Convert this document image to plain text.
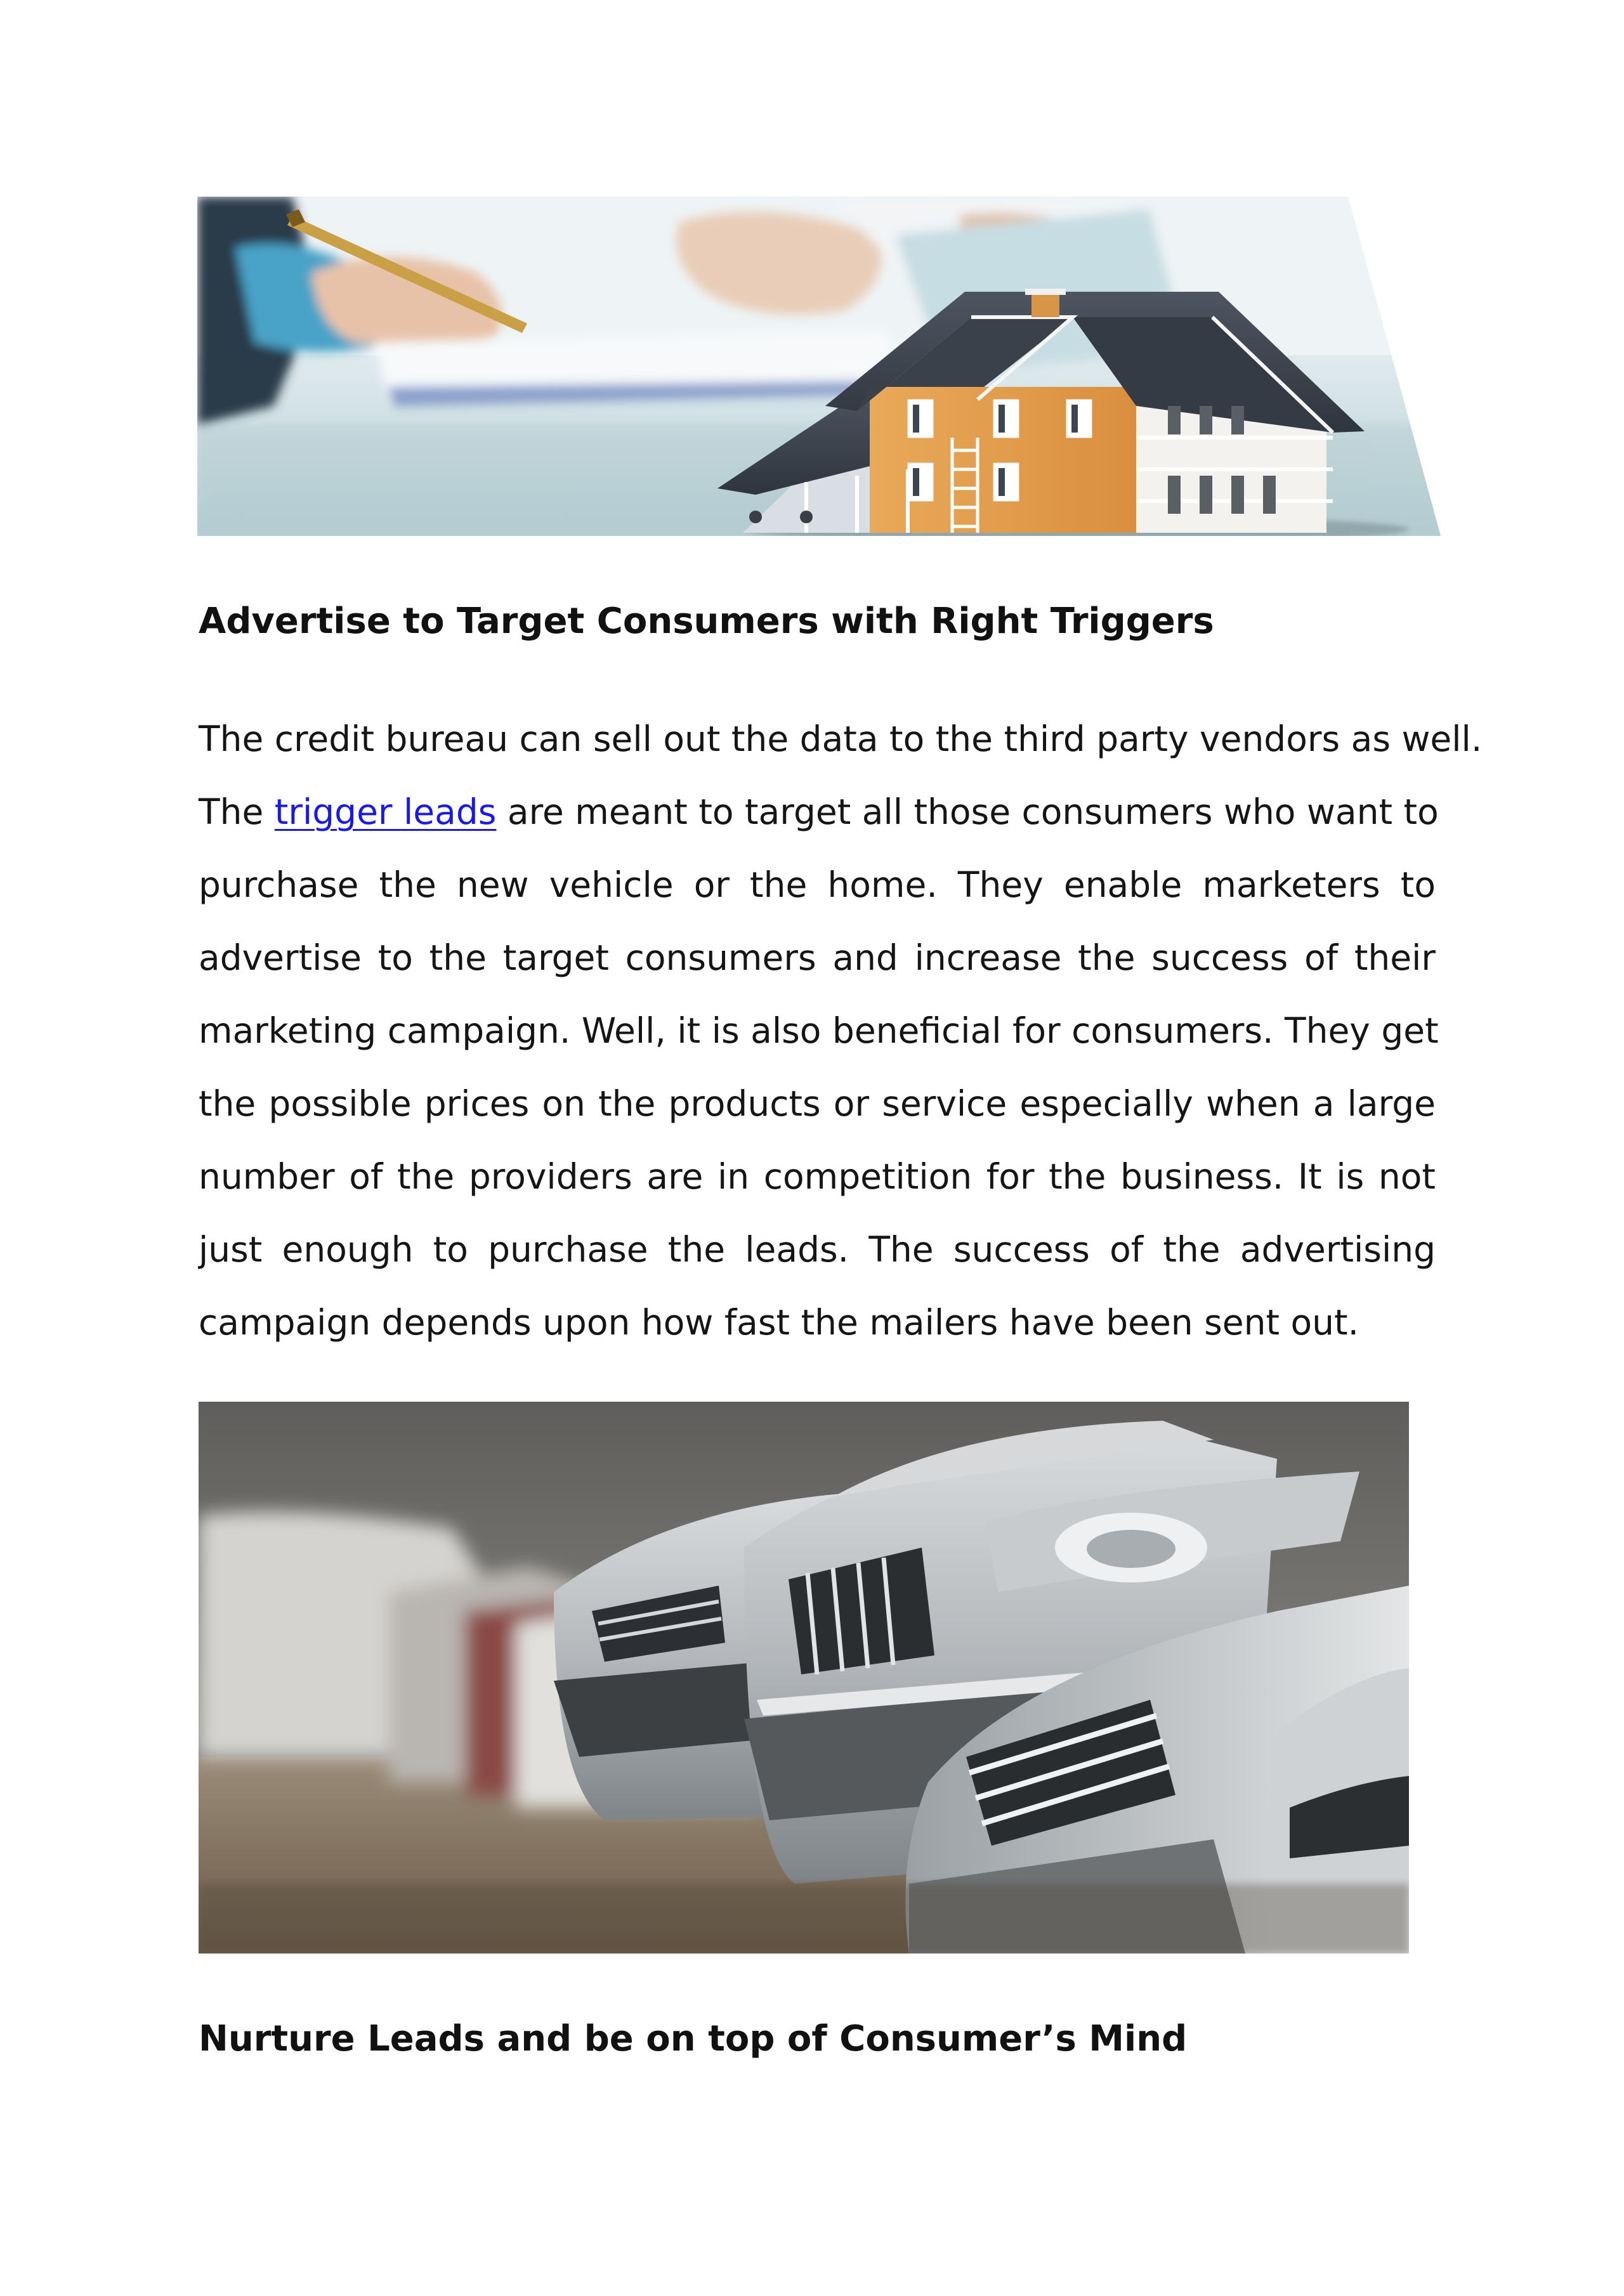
Advertise to Target Consumers with Right Triggers
The credit bureau can sell out the data to the third party vendors as well.
The trigger leads are meant to target all those consumers who want to
purchase the new vehicle or the home. They enable marketers to
advertise to the target consumers and increase the success of their
marketing campaign. Well, it is also beneficial for consumers. They get
the possible prices on the products or service especially when a large
number of the providers are in competition for the business. It is not
just enough to purchase the leads. The success of the advertising
campaign depends upon how fast the mailers have been sent out.
Nurture Leads and be on top of Consumer’s Mind
